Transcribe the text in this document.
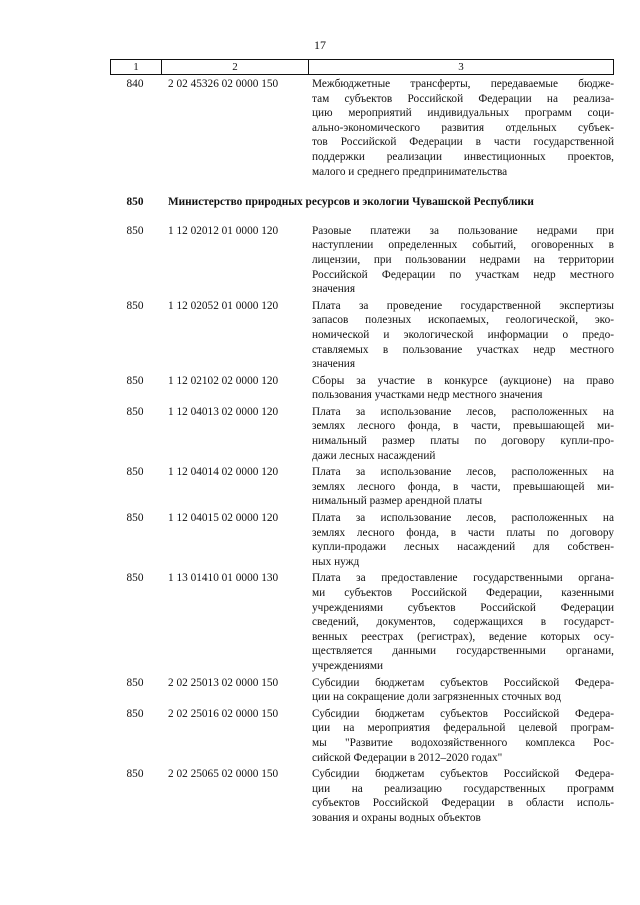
17
1	2	3
840	2 02 45326 02 0000 150	Межбюджетные трансферты, передаваемые бюдже-
там субъектов Российской Федерации на реализа-
цию мероприятий индивидуальных программ соци-
ально-экономического развития отдельных субъек-
тов Российской Федерации в части государственной
поддержки реализации инвестиционных проектов,
малого и среднего предпринимательства
850	Министерство природных ресурсов и экологии Чувашской Республики
850	1 12 02012 01 0000 120	Разовые платежи за пользование недрами при
наступлении определенных событий, оговоренных в
лицензии, при пользовании недрами на территории
Российской Федерации по участкам недр местного
значения
850	1 12 02052 01 0000 120	Плата за проведение государственной экспертизы
запасов полезных ископаемых, геологической, эко-
номической и экологической информации о предо-
ставляемых в пользование участках недр местного
значения
850	1 12 02102 02 0000 120	Сборы за участие в конкурсе (аукционе) на право
пользования участками недр местного значения
850	1 12 04013 02 0000 120	Плата за использование лесов, расположенных на
землях лесного фонда, в части, превышающей ми-
нимальный размер платы по договору купли-про-
дажи лесных насаждений
850	1 12 04014 02 0000 120	Плата за использование лесов, расположенных на
землях лесного фонда, в части, превышающей ми-
нимальный размер арендной платы
850	1 12 04015 02 0000 120	Плата за использование лесов, расположенных на
землях лесного фонда, в части платы по договору
купли-продажи лесных насаждений для собствен-
ных нужд
850	1 13 01410 01 0000 130	Плата за предоставление государственными органа-
ми субъектов Российской Федерации, казенными
учреждениями субъектов Российской Федерации
сведений, документов, содержащихся в государст-
венных реестрах (регистрах), ведение которых осу-
ществляется данными государственными органами,
учреждениями
850	2 02 25013 02 0000 150	Субсидии бюджетам субъектов Российской Федера-
ции на сокращение доли загрязненных сточных вод
850	2 02 25016 02 0000 150	Субсидии бюджетам субъектов Российской Федера-
ции на мероприятия федеральной целевой програм-
мы "Развитие водохозяйственного комплекса Рос-
сийской Федерации в 2012–2020 годах"
850	2 02 25065 02 0000 150	Субсидии бюджетам субъектов Российской Федера-
ции на реализацию государственных программ
субъектов Российской Федерации в области исполь-
зования и охраны водных объектов
